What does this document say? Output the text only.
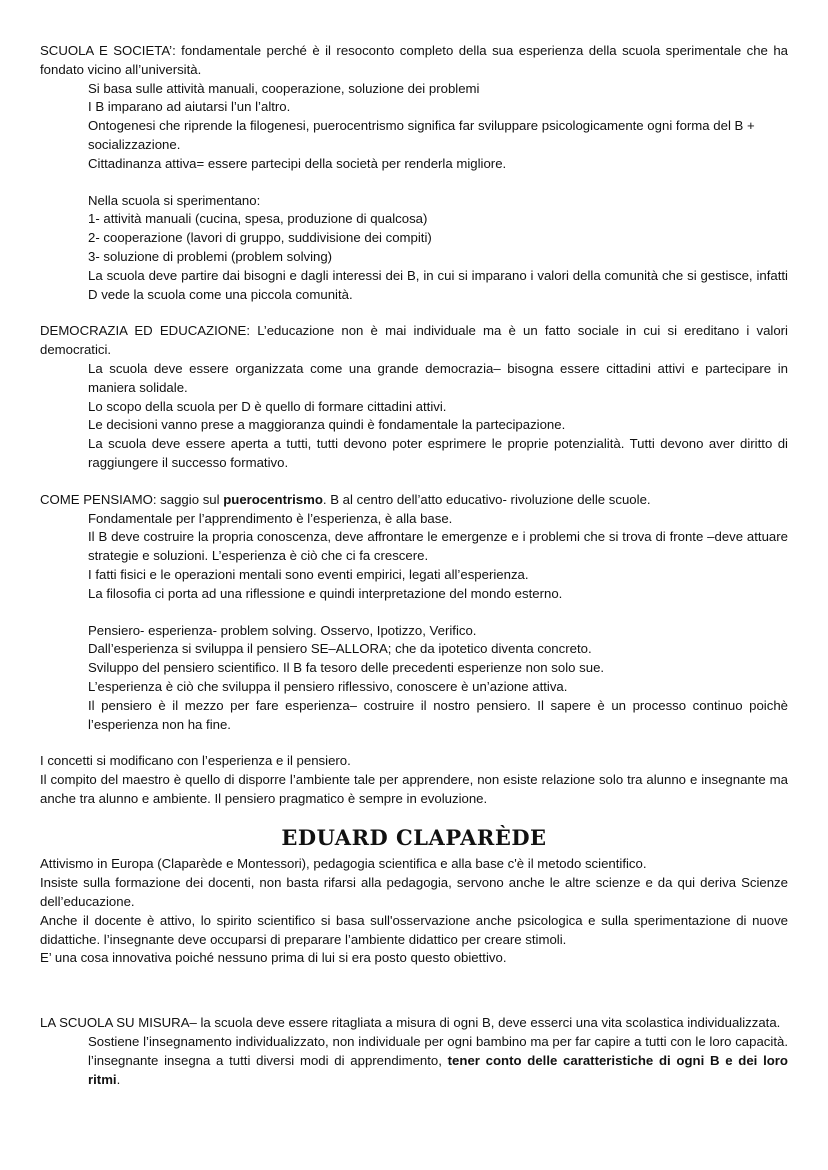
SCUOLA E SOCIETA’: fondamentale perché è il resoconto completo della sua esperienza della scuola sperimentale che ha fondato vicino all’università.

Si basa sulle attività manuali, cooperazione, soluzione dei problemi

I B imparano ad aiutarsi l’un l’altro.

Ontogenesi che riprende la filogenesi, puerocentrismo significa far sviluppare psicologicamente ogni forma del B + socializzazione.

Cittadinanza attiva= essere partecipi della società per renderla migliore.

Nella scuola si sperimentano:

1- attività manuali (cucina, spesa, produzione di qualcosa)

2- cooperazione (lavori di gruppo, suddivisione dei compiti)

3- soluzione di problemi (problem solving)

La scuola deve partire dai bisogni e dagli interessi dei B, in cui si imparano i valori della comunità che si gestisce, infatti D vede la scuola come una piccola comunità.

DEMOCRAZIA ED EDUCAZIONE: L’educazione non è mai individuale ma è un fatto sociale in cui si ereditano i valori democratici.

La scuola deve essere organizzata come una grande democrazia– bisogna essere cittadini attivi e partecipare in maniera solidale.

Lo scopo della scuola per D è quello di formare cittadini attivi.

Le decisioni vanno prese a maggioranza quindi è fondamentale la partecipazione.

La scuola deve essere aperta a tutti, tutti devono poter esprimere le proprie potenzialità. Tutti devono aver diritto di raggiungere il successo formativo.

COME PENSIAMO: saggio sul puerocentrismo. B al centro dell’atto educativo- rivoluzione delle scuole.

Fondamentale per l’apprendimento è l’esperienza, è alla base.

Il B deve costruire la propria conoscenza, deve affrontare le emergenze e i problemi che si trova di fronte –deve attuare strategie e soluzioni. L’esperienza è ciò che ci fa crescere.

I fatti fisici e le operazioni mentali sono eventi empirici, legati all’esperienza.

La filosofia ci porta ad una riflessione e quindi interpretazione del mondo esterno.

Pensiero- esperienza- problem solving. Osservo, Ipotizzo, Verifico.

Dall’esperienza si sviluppa il pensiero SE–ALLORA; che da ipotetico diventa concreto.

Sviluppo del pensiero scientifico. Il B fa tesoro delle precedenti esperienze non solo sue.

L’esperienza è ciò che sviluppa il pensiero riflessivo, conoscere è un’azione attiva.

Il pensiero è il mezzo per fare esperienza– costruire il nostro pensiero. Il sapere è un processo continuo poichè l’esperienza non ha fine.

I concetti si modificano con l’esperienza e il pensiero.

Il compito del maestro è quello di disporre l’ambiente tale per apprendere, non esiste relazione solo tra alunno e insegnante ma anche tra alunno e ambiente. Il pensiero pragmatico è sempre in evoluzione.

EDUARD CLAPARÈDE

Attivismo in Europa (Claparède e Montessori), pedagogia scientifica e alla base c'è il metodo scientifico.

Insiste sulla formazione dei docenti, non basta rifarsi alla pedagogia, servono anche le altre scienze e da qui deriva Scienze dell’educazione.

Anche il docente è attivo, lo spirito scientifico si basa sull'osservazione anche psicologica e sulla sperimentazione di nuove didattiche. l’insegnante deve occuparsi di preparare l’ambiente didattico per creare stimoli.

E’ una cosa innovativa poiché nessuno prima di lui si era posto questo obiettivo.

LA SCUOLA SU MISURA– la scuola deve essere ritagliata a misura di ogni B, deve esserci una vita scolastica individualizzata.

Sostiene l’insegnamento individualizzato, non individuale per ogni bambino ma per far capire a tutti con le loro capacità. l’insegnante insegna a tutti diversi modi di apprendimento, tener conto delle caratteristiche di ogni B e dei loro ritmi.
